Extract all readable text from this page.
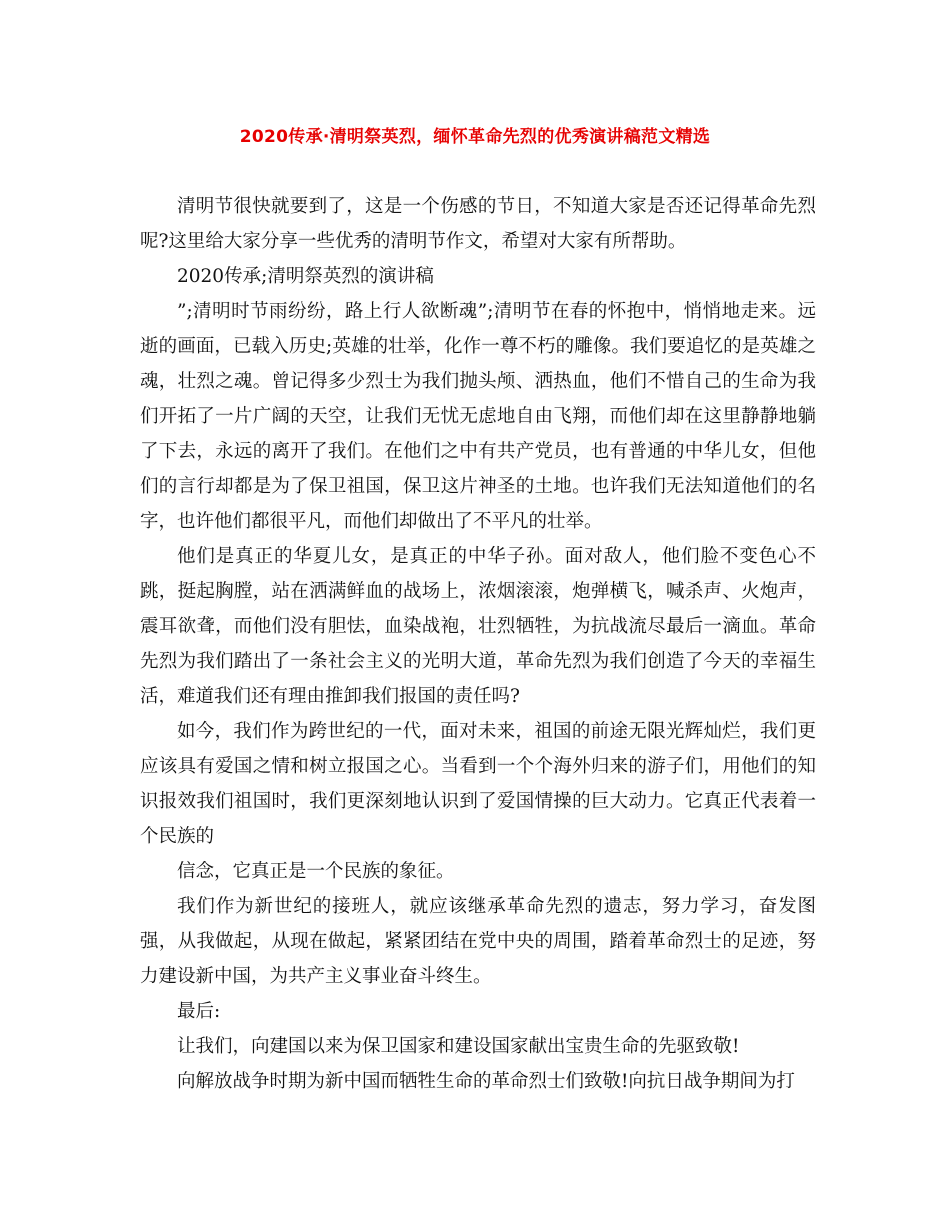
2020传承·清明祭英烈，缅怀革命先烈的优秀演讲稿范文精选

清明节很快就要到了，这是一个伤感的节日，不知道大家是否还记得革命先烈呢?这里给大家分享一些优秀的清明节作文，希望对大家有所帮助。

2020传承;清明祭英烈的演讲稿

”;清明时节雨纷纷，路上行人欲断魂”;清明节在春的怀抱中，悄悄地走来。远逝的画面，已载入历史;英雄的壮举，化作一尊不朽的雕像。我们要追忆的是英雄之魂，壮烈之魂。曾记得多少烈士为我们抛头颅、洒热血，他们不惜自己的生命为我们开拓了一片广阔的天空，让我们无忧无虑地自由飞翔，而他们却在这里静静地躺了下去，永远的离开了我们。在他们之中有共产党员，也有普通的中华儿女，但他们的言行却都是为了保卫祖国，保卫这片神圣的土地。也许我们无法知道他们的名字，也许他们都很平凡，而他们却做出了不平凡的壮举。

他们是真正的华夏儿女，是真正的中华子孙。面对敌人，他们脸不变色心不跳，挺起胸膛，站在洒满鲜血的战场上，浓烟滚滚，炮弹横飞，喊杀声、火炮声，震耳欲聋，而他们没有胆怯，血染战袍，壮烈牺牲，为抗战流尽最后一滴血。革命先烈为我们踏出了一条社会主义的光明大道，革命先烈为我们创造了今天的幸福生活，难道我们还有理由推卸我们报国的责任吗?

如今，我们作为跨世纪的一代，面对未来，祖国的前途无限光辉灿烂，我们更应该具有爱国之情和树立报国之心。当看到一个个海外归来的游子们，用他们的知识报效我们祖国时，我们更深刻地认识到了爱国情操的巨大动力。它真正代表着一个民族的

信念，它真正是一个民族的象征。

我们作为新世纪的接班人，就应该继承革命先烈的遗志，努力学习，奋发图强，从我做起，从现在做起，紧紧团结在党中央的周围，踏着革命烈士的足迹，努力建设新中国，为共产主义事业奋斗终生。

最后:

让我们，向建国以来为保卫国家和建设国家献出宝贵生命的先驱致敬!

向解放战争时期为新中国而牺牲生命的革命烈士们致敬!向抗日战争期间为打
